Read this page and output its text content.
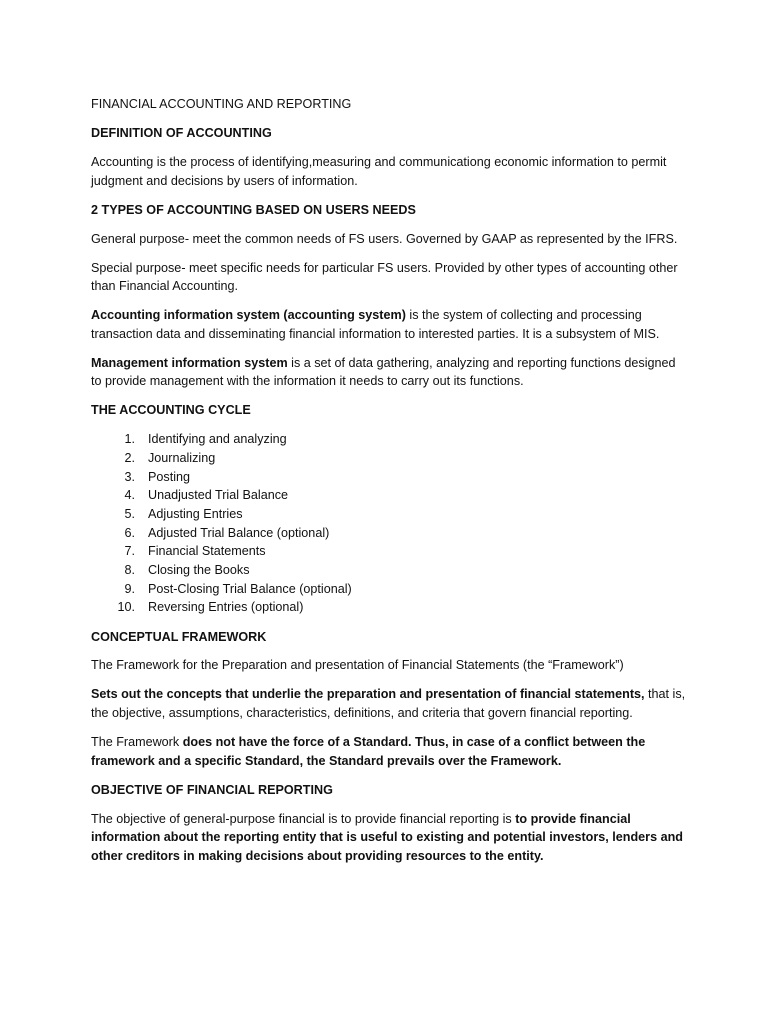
FINANCIAL ACCOUNTING AND REPORTING

DEFINITION OF ACCOUNTING

Accounting is the process of identifying,measuring and communicationg economic information to permit judgment and decisions by users of information.

2 TYPES OF ACCOUNTING BASED ON USERS NEEDS

General purpose- meet the common needs of FS users. Governed by GAAP as represented by the IFRS.

Special purpose- meet specific needs for particular FS users. Provided by other types of accounting other than Financial Accounting.

Accounting information system (accounting system) is the system of collecting and processing transaction data and disseminating financial information to interested parties. It is a subsystem of MIS.

Management information system is a set of data gathering, analyzing and reporting functions designed to provide management with the information it needs to carry out its functions.

THE ACCOUNTING CYCLE

1.	Identifying and analyzing
2.	Journalizing
3.	Posting
4.	Unadjusted Trial Balance
5.	Adjusting Entries
6.	Adjusted Trial Balance (optional)
7.	Financial Statements
8.	Closing the Books
9.	Post-Closing Trial Balance (optional)
10.	Reversing Entries (optional)

CONCEPTUAL FRAMEWORK

The Framework for the Preparation and presentation of Financial Statements (the “Framework”)

Sets out the concepts that underlie the preparation and presentation of financial statements, that is, the objective, assumptions, characteristics, definitions, and criteria that govern financial reporting.

The Framework does not have the force of a Standard. Thus, in case of a conflict between the framework and a specific Standard, the Standard prevails over the Framework.

OBJECTIVE OF FINANCIAL REPORTING

The objective of general-purpose financial is to provide financial reporting is to provide financial information about the reporting entity that is useful to existing and potential investors, lenders and other creditors in making decisions about providing resources to the entity.
